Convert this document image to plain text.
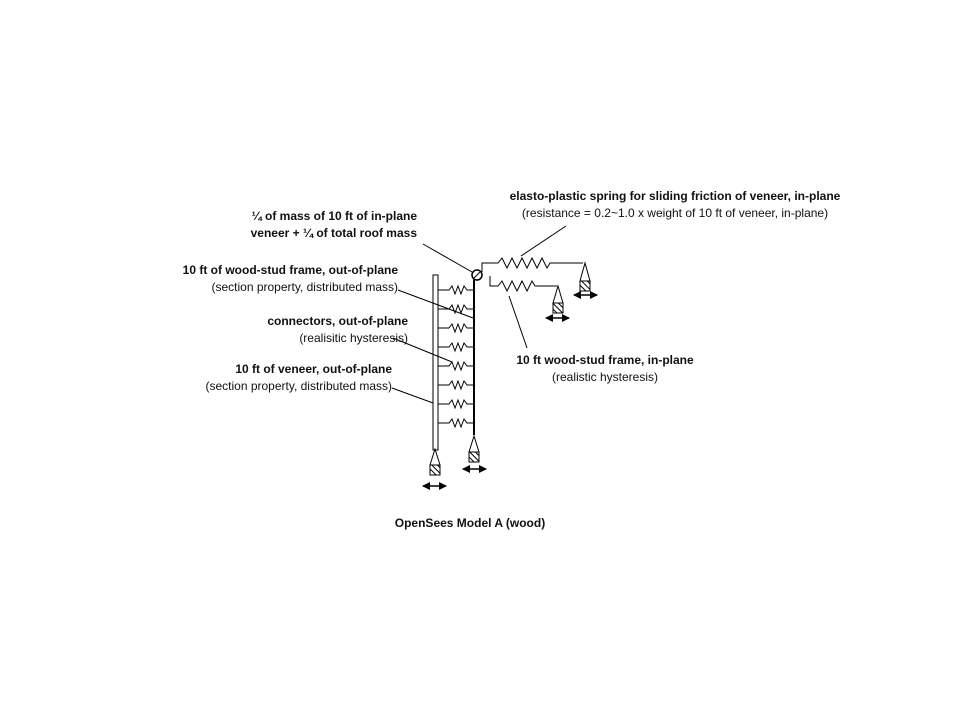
¼ of mass of 10 ft of in-plane
veneer + ¼ of total roof mass
10 ft of wood-stud frame, out-of-plane
(section property, distributed mass)
connectors, out-of-plane
(realisitic hysteresis)
10 ft of veneer, out-of-plane
(section property, distributed mass)
elasto-plastic spring for sliding friction of veneer, in-plane
(resistance = 0.2~1.0 x weight of 10 ft of veneer, in-plane)
10 ft wood-stud frame, in-plane
(realistic hysteresis)
OpenSees Model A (wood)
